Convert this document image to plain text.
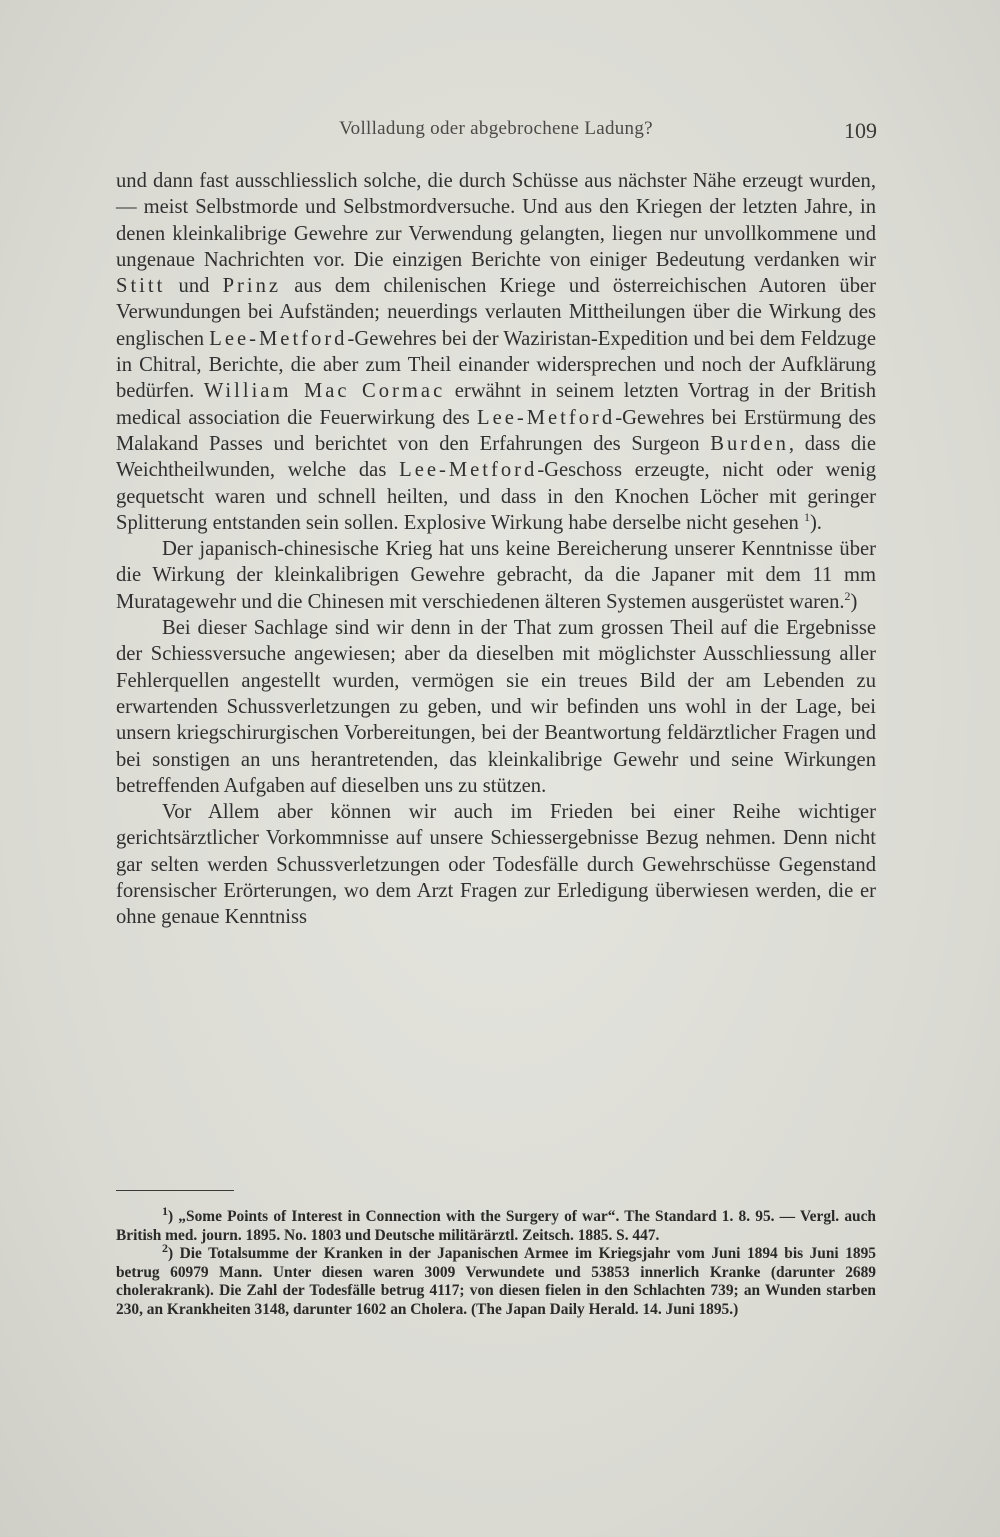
Vollladung oder abgebrochene Ladung?	109

und dann fast ausschliesslich solche, die durch Schüsse aus nächster Nähe erzeugt wurden, — meist Selbstmorde und Selbstmordversuche. Und aus den Kriegen der letzten Jahre, in denen kleinkalibrige Gewehre zur Verwendung gelangten, liegen nur unvollkommene und ungenaue Nachrichten vor. Die einzigen Berichte von einiger Bedeutung verdanken wir Stitt und Prinz aus dem chilenischen Kriege und österreichischen Autoren über Verwundungen bei Aufständen; neuerdings verlauten Mittheilungen über die Wirkung des englischen Lee-Metford-Gewehres bei der Waziristan-Expedition und bei dem Feldzuge in Chitral, Berichte, die aber zum Theil einander widersprechen und noch der Aufklärung bedürfen. William Mac Cormac erwähnt in seinem letzten Vortrag in der British medical association die Feuerwirkung des Lee-Metford-Gewehres bei Erstürmung des Malakand Passes und berichtet von den Erfahrungen des Surgeon Burden, dass die Weichtheilwunden, welche das Lee-Metford-Geschoss erzeugte, nicht oder wenig gequetscht waren und schnell heilten, und dass in den Knochen Löcher mit geringer Splitterung entstanden sein sollen. Explosive Wirkung habe derselbe nicht gesehen $^1$).

Der japanisch-chinesische Krieg hat uns keine Bereicherung unserer Kenntnisse über die Wirkung der kleinkalibrigen Gewehre gebracht, da die Japaner mit dem 11 mm Muratagewehr und die Chinesen mit verschiedenen älteren Systemen ausgerüstet waren.$^2$)

Bei dieser Sachlage sind wir denn in der That zum grossen Theil auf die Ergebnisse der Schiessversuche angewiesen; aber da dieselben mit möglichster Ausschliessung aller Fehlerquellen angestellt wurden, vermögen sie ein treues Bild der am Lebenden zu erwartenden Schussverletzungen zu geben, und wir befinden uns wohl in der Lage, bei unsern kriegschirurgischen Vorbereitungen, bei der Beantwortung feldärztlicher Fragen und bei sonstigen an uns herantretenden, das kleinkalibrige Gewehr und seine Wirkungen betreffenden Aufgaben auf dieselben uns zu stützen.

Vor Allem aber können wir auch im Frieden bei einer Reihe wichtiger gerichtsärztlicher Vorkommnisse auf unsere Schiessergebnisse Bezug nehmen. Denn nicht gar selten werden Schussverletzungen oder Todesfälle durch Gewehrschüsse Gegenstand forensischer Erörterungen, wo dem Arzt Fragen zur Erledigung überwiesen werden, die er ohne genaue Kenntniss

$^1$) „Some Points of Interest in Connection with the Surgery of war“. The Standard 1. 8. 95. — Vergl. auch British med. journ. 1895. No. 1803 und Deutsche militärärztl. Zeitsch. 1885. S. 447.

$^2$) Die Totalsumme der Kranken in der Japanischen Armee im Kriegsjahr vom Juni 1894 bis Juni 1895 betrug 60979 Mann. Unter diesen waren 3009 Verwundete und 53853 innerlich Kranke (darunter 2689 cholerakrank). Die Zahl der Todesfälle betrug 4117; von diesen fielen in den Schlachten 739; an Wunden starben 230, an Krankheiten 3148, darunter 1602 an Cholera. (The Japan Daily Herald. 14. Juni 1895.)
